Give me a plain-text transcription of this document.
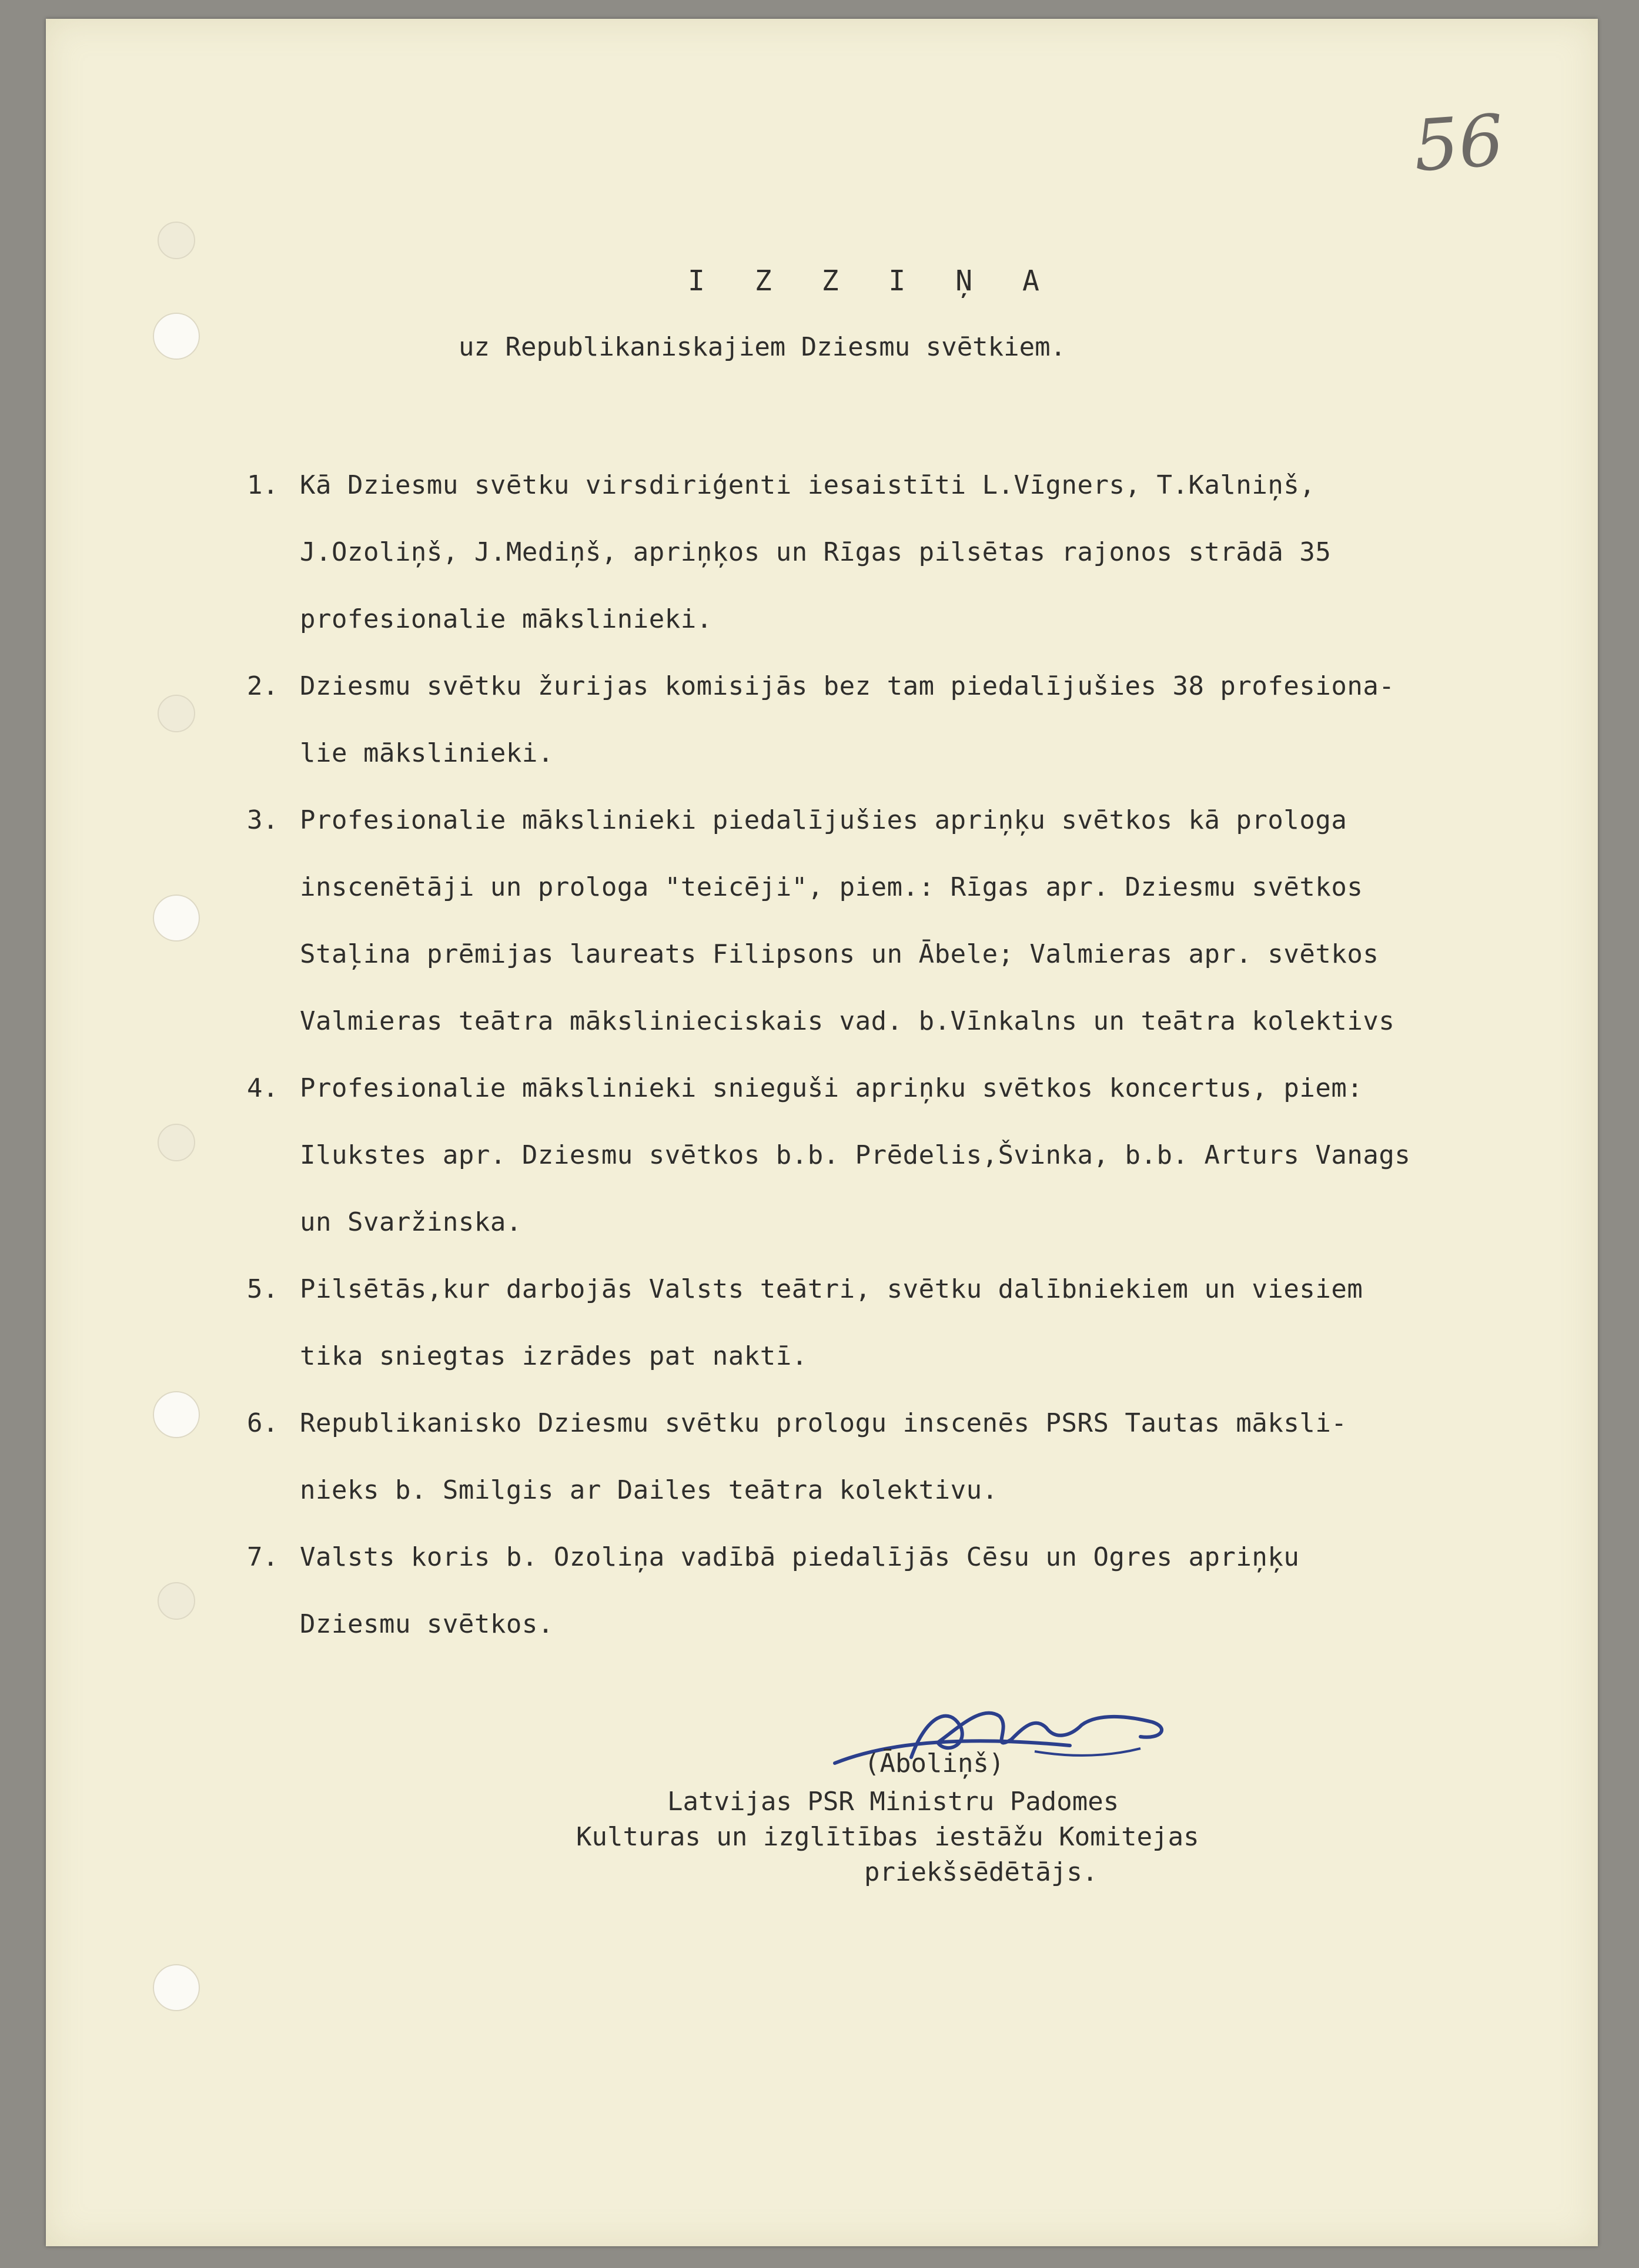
56
I Z Z I Ņ A
uz Republikaniskajiem Dziesmu svētkiem.
1. Kā Dziesmu svētku virsdiriģenti iesaistīti L.Vīgners, T.Kalniņš,
J.Ozoliņš, J.Mediņš, apriņķos un Rīgas pilsētas rajonos strādā 35
profesionalie mākslinieki.
2. Dziesmu svētku žurijas komisijās bez tam piedalījušies 38 profesiona-
lie mākslinieki.
3. Profesionalie mākslinieki piedalījušies apriņķu svētkos kā prologa
inscenētāji un prologa "teicēji", piem.: Rīgas apr. Dziesmu svētkos
Staļina prēmijas laureats Filipsons un Ābele; Valmieras apr. svētkos
Valmieras teātra mākslinieciskais vad. b.Vīnkalns un teātra kolektivs
4. Profesionalie mākslinieki snieguši apriņku svētkos koncertus, piem:
Ilukstes apr. Dziesmu svētkos b.b. Prēdelis,Švinka, b.b. Arturs Vanags
un Svaržinska.
5. Pilsētās,kur darbojās Valsts teātri, svētku dalībniekiem un viesiem
tika sniegtas izrādes pat naktī.
6. Republikanisko Dziesmu svētku prologu inscenēs PSRS Tautas māksli-
nieks b. Smilgis ar Dailes teātra kolektivu.
7. Valsts koris b. Ozoliņa vadībā piedalījās Cēsu un Ogres apriņķu
Dziesmu svētkos.
(Āboliņš)
Latvijas PSR Ministru Padomes
Kulturas un izglītības iestāžu Komitejas
priekšsēdētājs.
